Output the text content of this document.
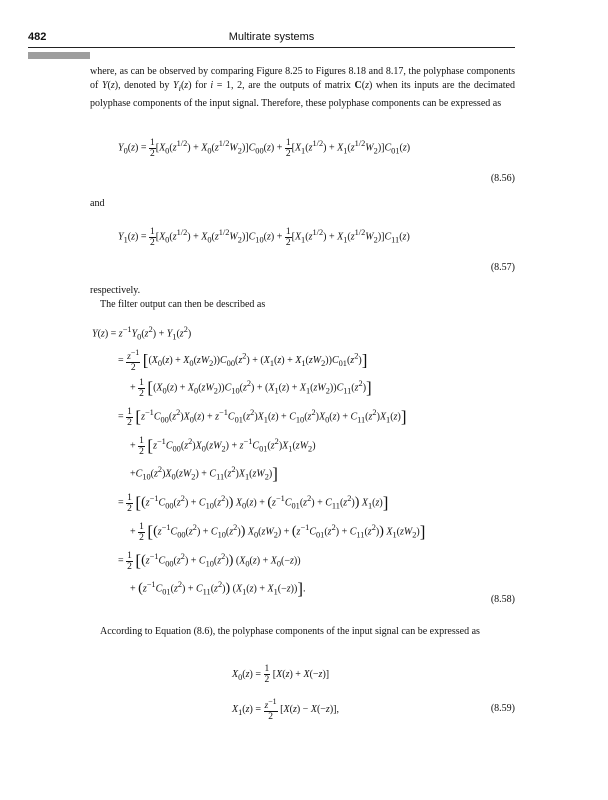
482	Multirate systems
where, as can be observed by comparing Figure 8.25 to Figures 8.18 and 8.17, the polyphase components of Y(z), denoted by $Y_i(z)$ for i = 1, 2, are the outputs of matrix C(z) when its inputs are the decimated polyphase components of the input signal. Therefore, these polyphase components can be expressed as
$Y_0(z) = \frac{1}{2} [X_0(z^{1/2}) + X_0(z^{1/2}W_2)]C_{00}(z) + \frac{1}{2} [X_1(z^{1/2}) + X_1(z^{1/2}W_2)]C_{01}(z)$
(8.56)
and
$Y_1(z) = \frac{1}{2} [X_0(z^{1/2}) + X_0(z^{1/2}W_2)]C_{10}(z) + \frac{1}{2} [X_1(z^{1/2}) + X_1(z^{1/2}W_2)]C_{11}(z)$
(8.57)
respectively.
The filter output can then be described as
$Y(z) = z^{-1}Y_0(z^2) + Y_1(z^2)$
= $\frac{z^{-1}}{2} [(X_0(z) + X_0(zW_2))C_{00}(z^2) + (X_1(z) + X_1(zW_2))C_{01}(z^2)]$
+ $\frac{1}{2} [(X_0(z) + X_0(zW_2))C_{10}(z^2) + (X_1(z) + X_1(zW_2))C_{11}(z^2)]$
= $\frac{1}{2} [z^{-1}C_{00}(z^2)X_0(z) + z^{-1}C_{01}(z^2)X_1(z) + C_{10}(z^2)X_0(z) + C_{11}(z^2)X_1(z)]$
+ $\frac{1}{2} [z^{-1}C_{00}(z^2)X_0(zW_2) + z^{-1}C_{01}(z^2)X_1(zW_2)$
$+C_{10}(z^2)X_0(zW_2) + C_{11}(z^2)X_1(zW_2)$]
= $\frac{1}{2} [(z^{-1}C_{00}(z^2) + C_{10}(z^2)) X_0(z) + (z^{-1}C_{01}(z^2) + C_{11}(z^2))$ $X_1(z)$]
+ $\frac{1}{2} [(z^{-1}C_{00}(z^2) + C_{10}(z^2)) X_0(zW_2) + (z^{-1}C_{01}(z^2) + C_{11}(z^2))$ $X_1(zW_2)$]
= $\frac{1}{2} [(z^{-1}C_{00}(z^2) + C_{10}(z^2)) (X_0(z) + X_0(-z))$
+ $(z^{-1}C_{01}(z^2) + C_{11}(z^2)) (X_1(z) + X_1(-z))$].
(8.58)
According to Equation (8.6), the polyphase components of the input signal can be expressed as
$X_0(z) = \frac{1}{2} [X(z) + X(-z)]$
$X_1(z) = \frac{z^{-1}}{2} [X(z) - X(-z)]$,	(8.59)
